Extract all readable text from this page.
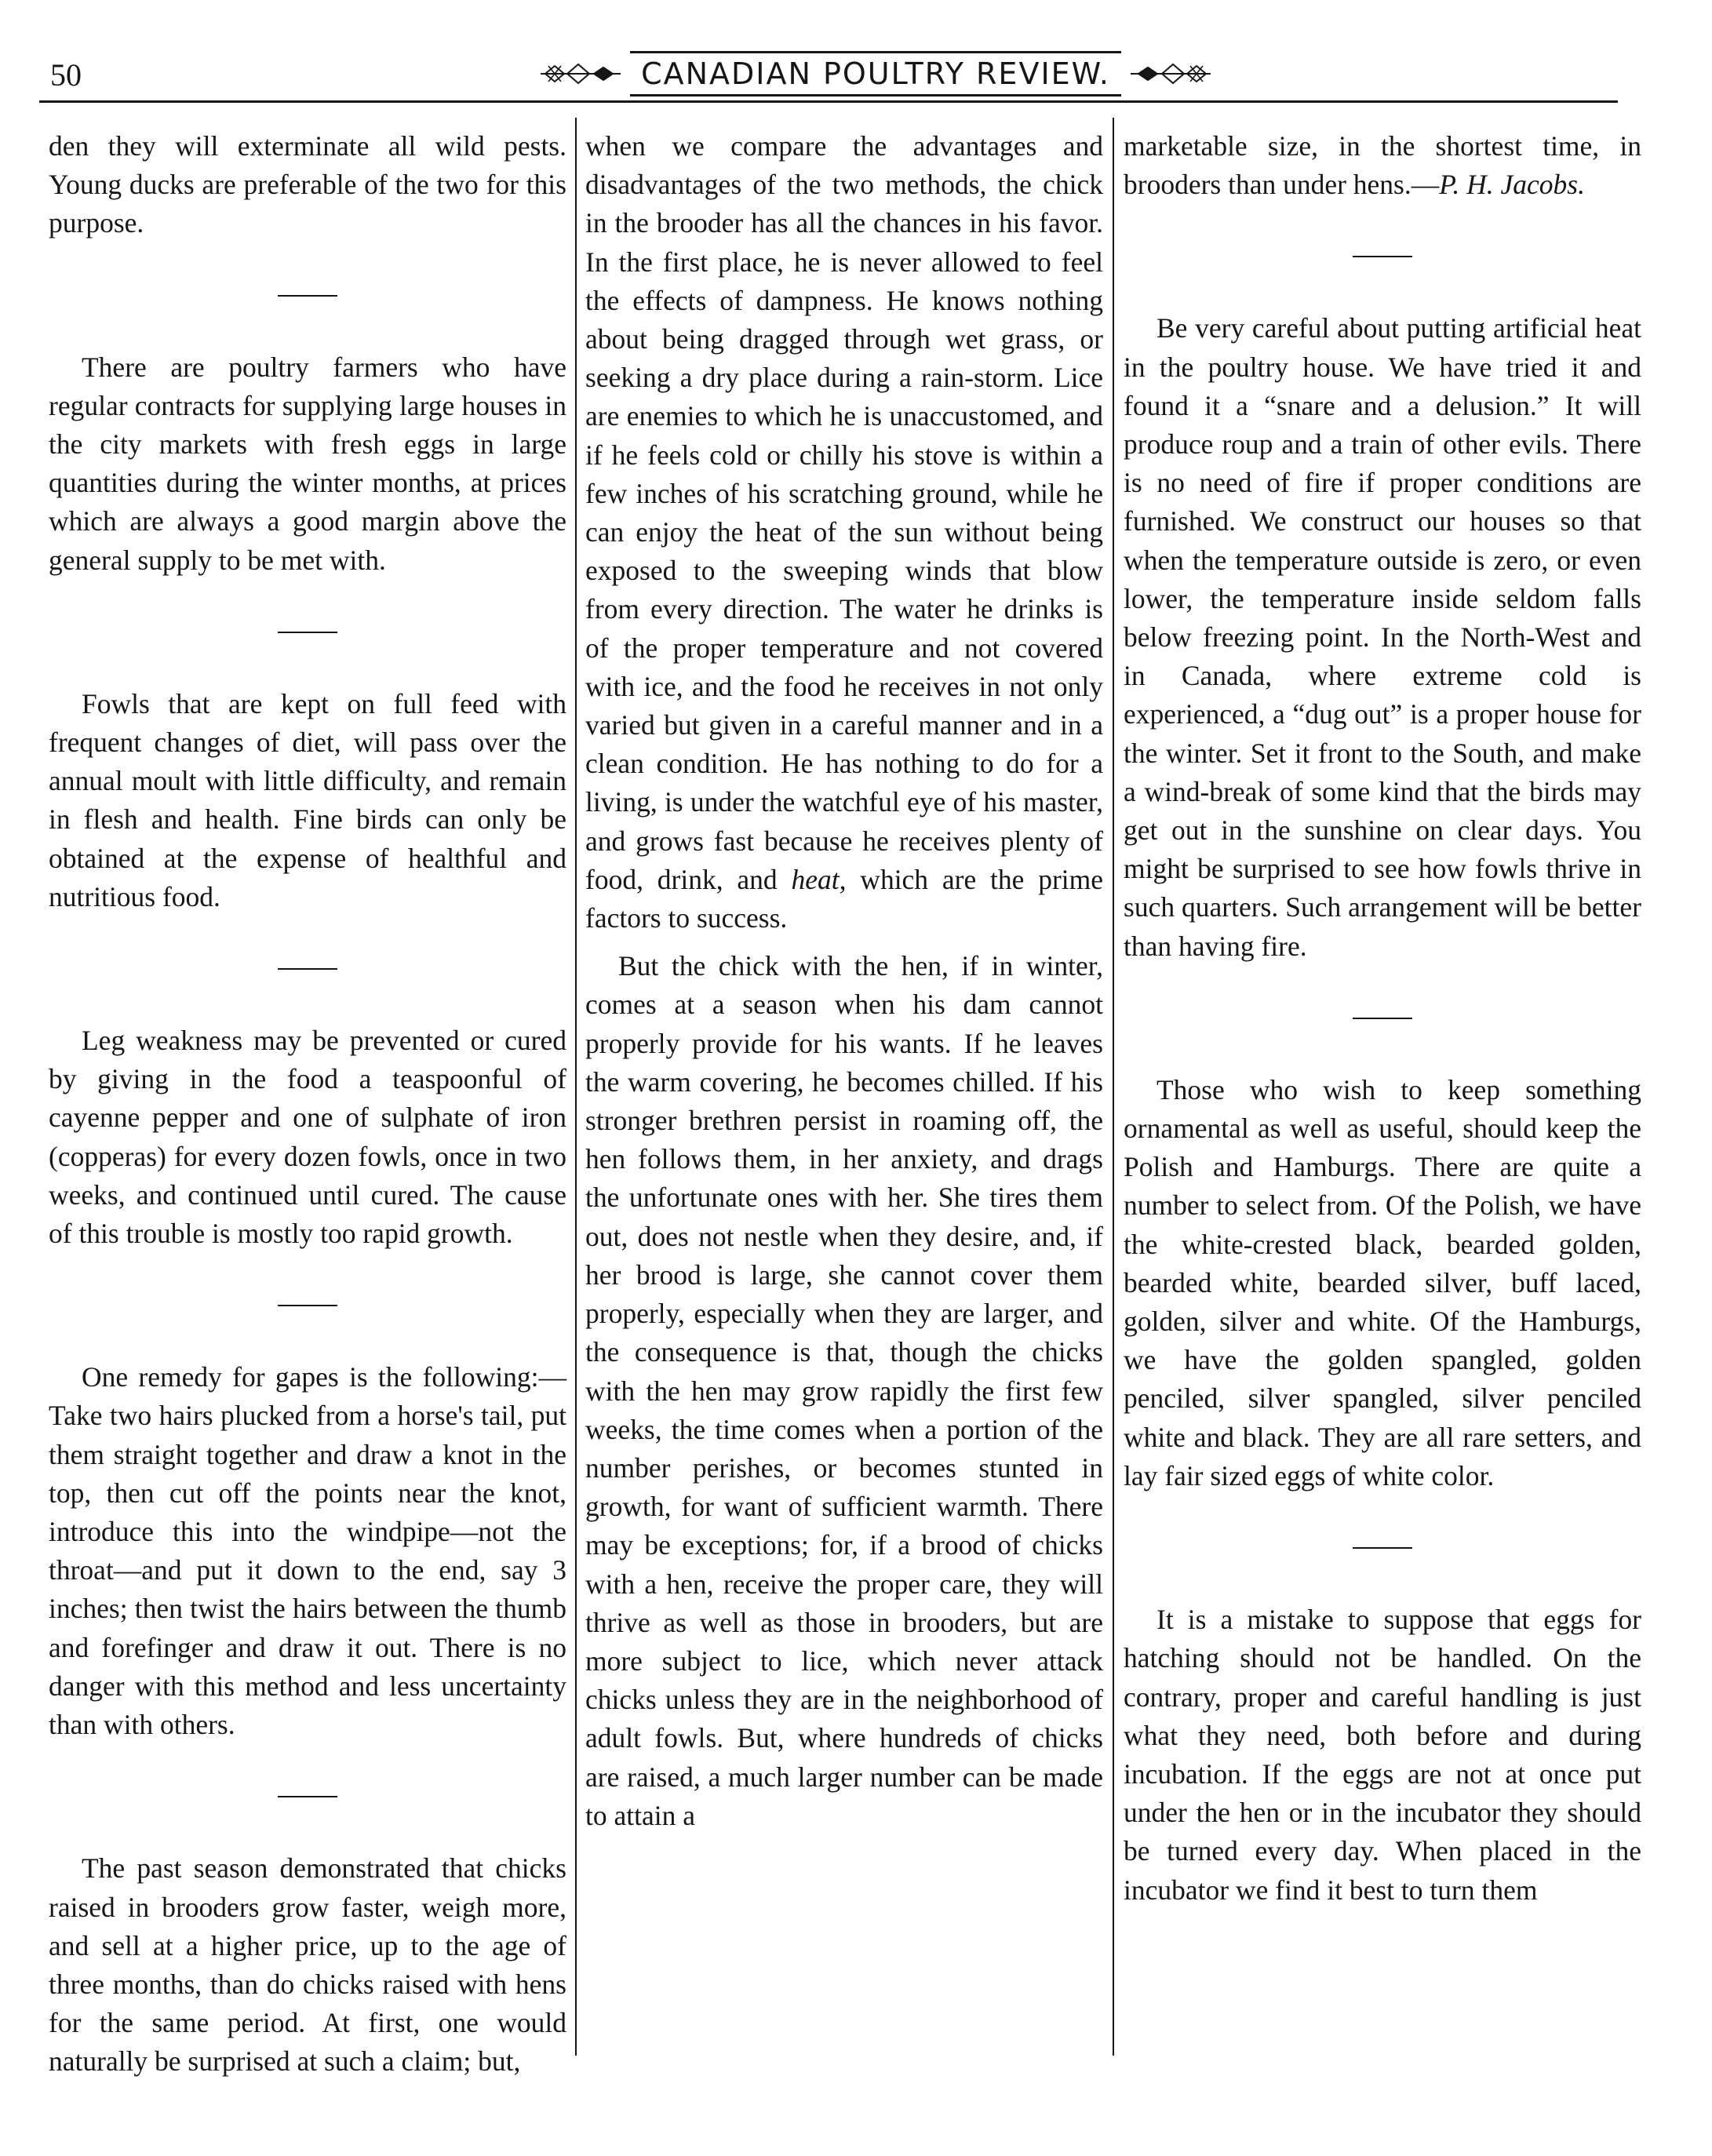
50	CANADIAN POULTRY REVIEW.

den they will exterminate all wild pests. Young ducks are preferable of the two for this purpose.

There are poultry farmers who have regular contracts for supplying large houses in the city markets with fresh eggs in large quantities during the winter months, at prices which are always a good margin above the general supply to be met with.

Fowls that are kept on full feed with frequent changes of diet, will pass over the annual moult with little difficulty, and remain in flesh and health. Fine birds can only be obtained at the expense of healthful and nutritious food.

Leg weakness may be prevented or cured by giving in the food a teaspoonful of cayenne pepper and one of sulphate of iron (copperas) for every dozen fowls, once in two weeks, and continued until cured. The cause of this trouble is mostly too rapid growth.

One remedy for gapes is the following:—Take two hairs plucked from a horse's tail, put them straight together and draw a knot in the top, then cut off the points near the knot, introduce this into the windpipe—not the throat—and put it down to the end, say 3 inches; then twist the hairs between the thumb and forefinger and draw it out. There is no danger with this method and less uncertainty than with others.

The past season demonstrated that chicks raised in brooders grow faster, weigh more, and sell at a higher price, up to the age of three months, than do chicks raised with hens for the same period. At first, one would naturally be surprised at such a claim; but,

when we compare the advantages and disadvantages of the two methods, the chick in the brooder has all the chances in his favor. In the first place, he is never allowed to feel the effects of dampness. He knows nothing about being dragged through wet grass, or seeking a dry place during a rain-storm. Lice are enemies to which he is unaccustomed, and if he feels cold or chilly his stove is within a few inches of his scratching ground, while he can enjoy the heat of the sun without being exposed to the sweeping winds that blow from every direction. The water he drinks is of the proper temperature and not covered with ice, and the food he receives in not only varied but given in a careful manner and in a clean condition. He has nothing to do for a living, is under the watchful eye of his master, and grows fast because he receives plenty of food, drink, and heat, which are the prime factors to success.

But the chick with the hen, if in winter, comes at a season when his dam cannot properly provide for his wants. If he leaves the warm covering, he becomes chilled. If his stronger brethren persist in roaming off, the hen follows them, in her anxiety, and drags the unfortunate ones with her. She tires them out, does not nestle when they desire, and, if her brood is large, she cannot cover them properly, especially when they are larger, and the consequence is that, though the chicks with the hen may grow rapidly the first few weeks, the time comes when a portion of the number perishes, or becomes stunted in growth, for want of sufficient warmth. There may be exceptions; for, if a brood of chicks with a hen, receive the proper care, they will thrive as well as those in brooders, but are more subject to lice, which never attack chicks unless they are in the neighborhood of adult fowls. But, where hundreds of chicks are raised, a much larger number can be made to attain a

marketable size, in the shortest time, in brooders than under hens.—P. H. Jacobs.

Be very careful about putting artificial heat in the poultry house. We have tried it and found it a “snare and a delusion.” It will produce roup and a train of other evils. There is no need of fire if proper conditions are furnished. We construct our houses so that when the temperature outside is zero, or even lower, the temperature inside seldom falls below freezing point. In the North-West and in Canada, where extreme cold is experienced, a “dug out” is a proper house for the winter. Set it front to the South, and make a wind-break of some kind that the birds may get out in the sunshine on clear days. You might be surprised to see how fowls thrive in such quarters. Such arrangement will be better than having fire.

Those who wish to keep something ornamental as well as useful, should keep the Polish and Hamburgs. There are quite a number to select from. Of the Polish, we have the white-crested black, bearded golden, bearded white, bearded silver, buff laced, golden, silver and white. Of the Hamburgs, we have the golden spangled, golden penciled, silver spangled, silver penciled white and black. They are all rare setters, and lay fair sized eggs of white color.

It is a mistake to suppose that eggs for hatching should not be handled. On the contrary, proper and careful handling is just what they need, both before and during incubation. If the eggs are not at once put under the hen or in the incubator they should be turned every day. When placed in the incubator we find it best to turn them
